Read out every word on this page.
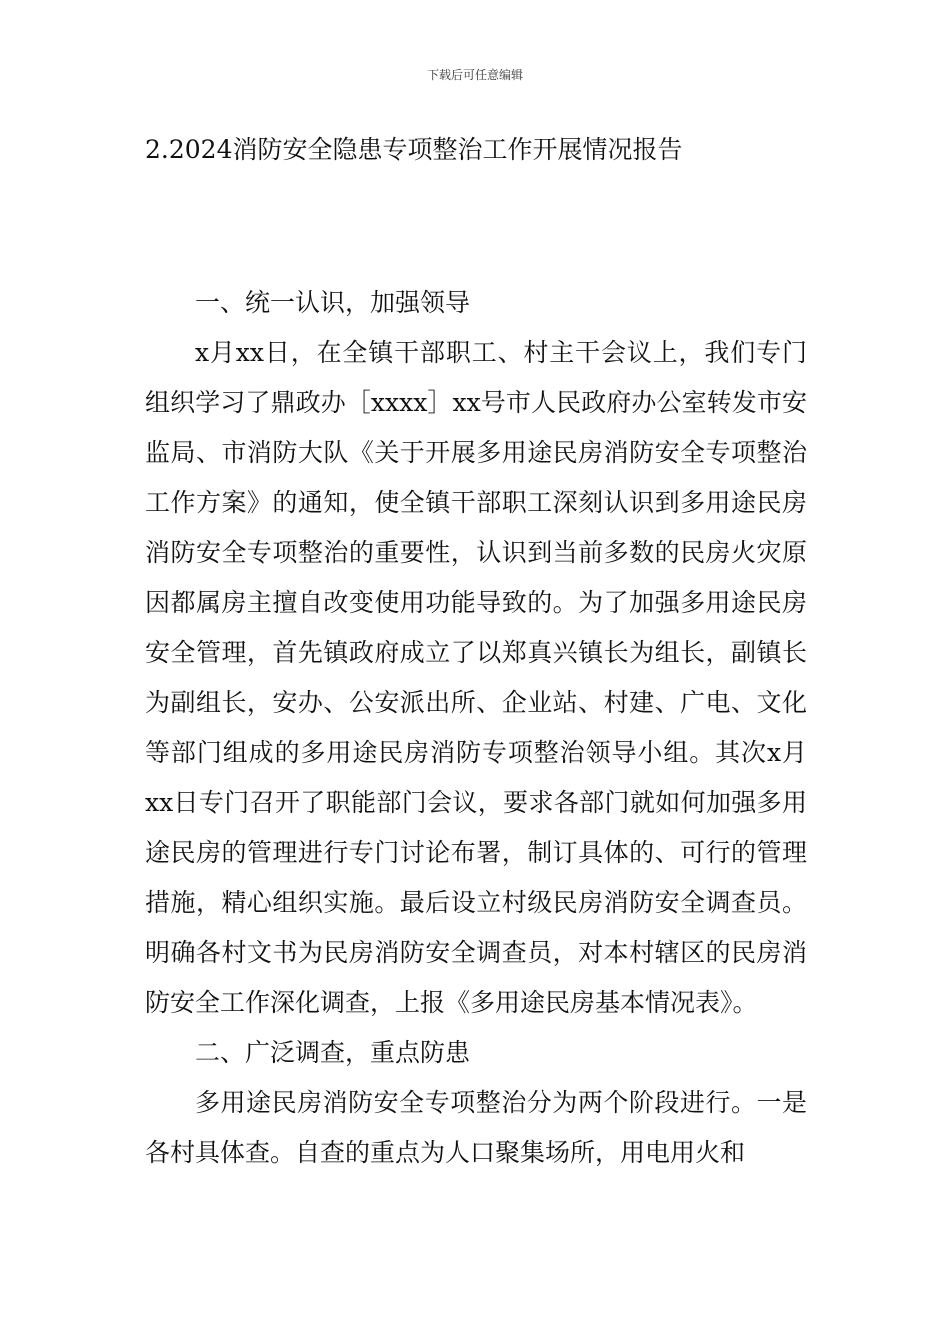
下载后可任意编辑
2.2024消防安全隐患专项整治工作开展情况报告

一、统一认识，加强领导

x月xx日，在全镇干部职工、村主干会议上，我们专门组织学习了鼎政办［xxxx］xx号市人民政府办公室转发市安监局、市消防大队《关于开展多用途民房消防安全专项整治工作方案》的通知，使全镇干部职工深刻认识到多用途民房消防安全专项整治的重要性，认识到当前多数的民房火灾原因都属房主擅自改变使用功能导致的。为了加强多用途民房安全管理，首先镇政府成立了以郑真兴镇长为组长，副镇长为副组长，安办、公安派出所、企业站、村建、广电、文化等部门组成的多用途民房消防专项整治领导小组。其次x月xx日专门召开了职能部门会议，要求各部门就如何加强多用途民房的管理进行专门讨论布署，制订具体的、可行的管理措施，精心组织实施。最后设立村级民房消防安全调查员。明确各村文书为民房消防安全调查员，对本村辖区的民房消防安全工作深化调查，上报《多用途民房基本情况表》。

二、广泛调查，重点防患

多用途民房消防安全专项整治分为两个阶段进行。一是各村具体查。自查的重点为人口聚集场所，用电用火和
